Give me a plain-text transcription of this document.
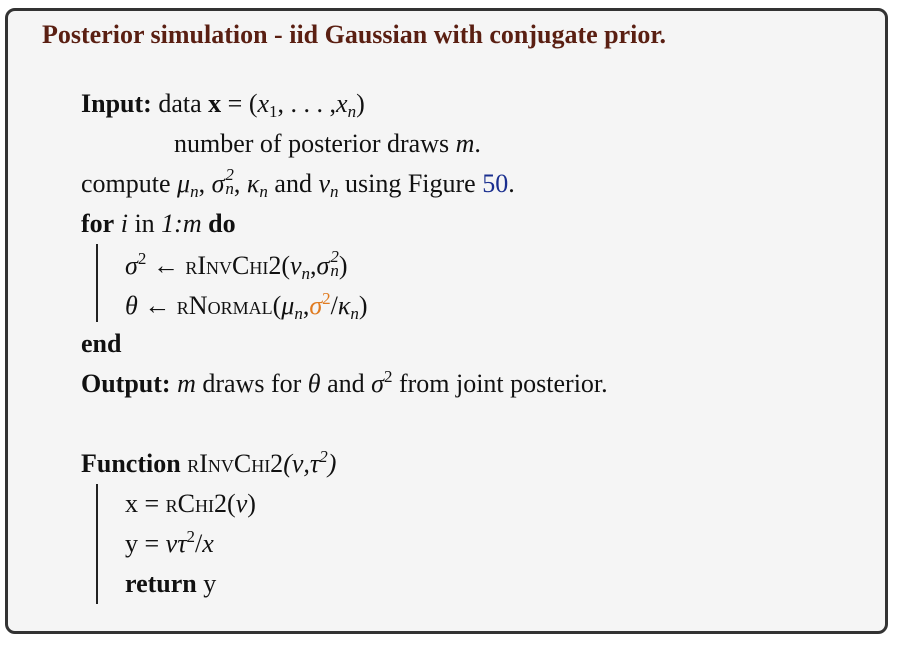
Posterior simulation - iid Gaussian with conjugate prior.
Input: data $x = (x_1$, . . . $,x_n$)
number of posterior draws m.
compute $\mu_n$, σ 2
n , $\kappa_n$ and $\nu_n$ using Figure 50.
for i in 1:m do
$\sigma^2$ ← $rInvChi2(\nu_n,\sigma$ 2
n )
θ ← $rNormal(\mu_n,\sigma^2/\kappa_n)$
end
Output: m draws for θ and $\sigma^2$ from joint posterior.
Function $rInvChi2(\nu,\tau^2)$
x = rChi2(ν)
$y = \nu\tau^2/x$
return y
